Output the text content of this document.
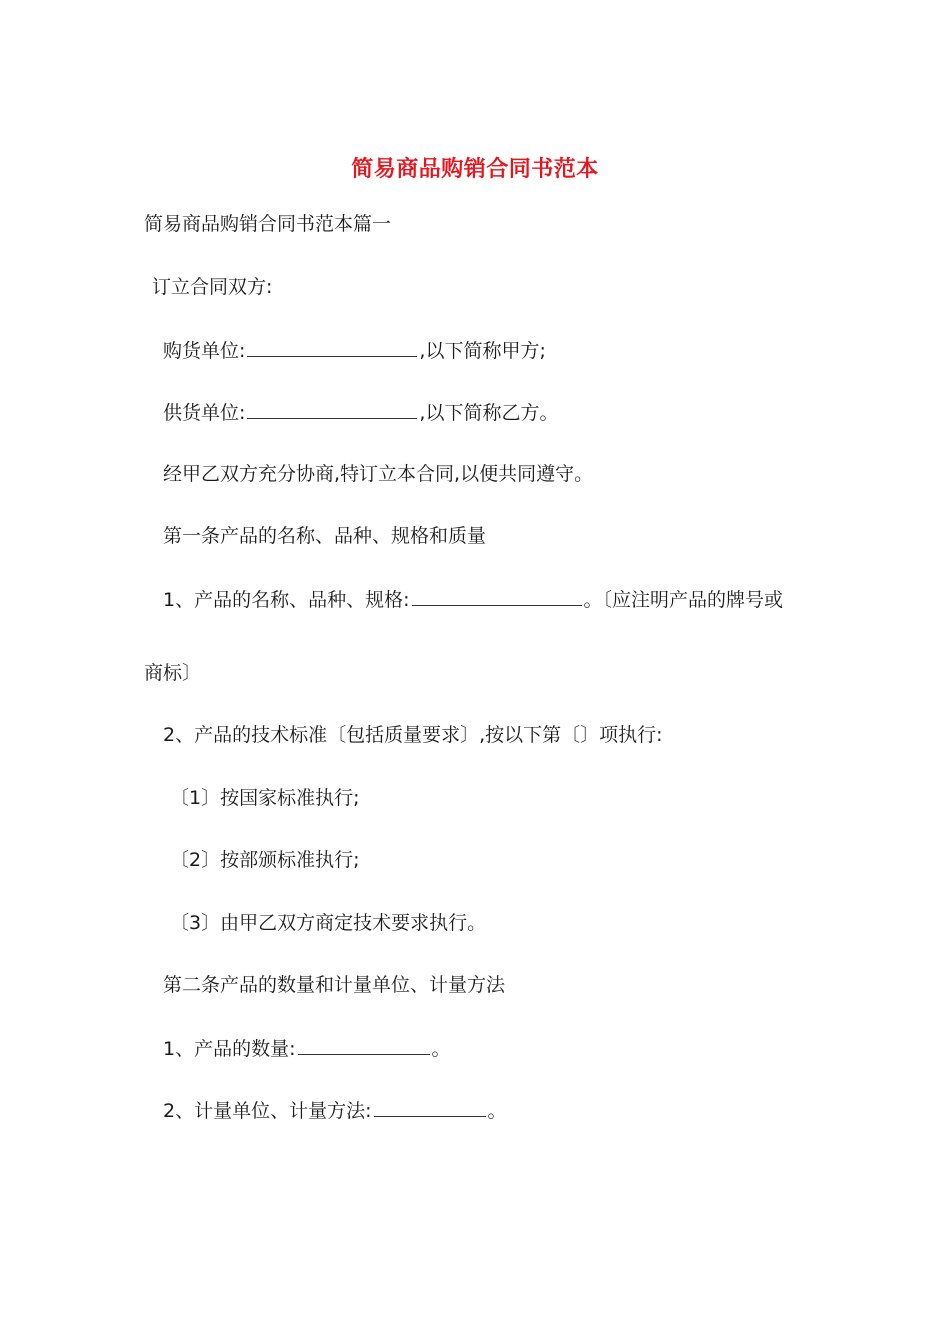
简易商品购销合同书范本
简易商品购销合同书范本篇一
订立合同双方:
购货单位:	,以下简称甲方;
供货单位:	,以下简称乙方。
经甲乙双方充分协商,特订立本合同,以便共同遵守。
第一条产品的名称、品种、规格和质量
1、产品的名称、品种、规格:	。〔应注明产品的牌号或
商标〕
2、产品的技术标准〔包括质量要求〕,按以下第〔〕项执行:
〔1〕按国家标准执行;
〔2〕按部颁标准执行;
〔3〕由甲乙双方商定技术要求执行。
第二条产品的数量和计量单位、计量方法
1、产品的数量:	。
2、计量单位、计量方法:	。
